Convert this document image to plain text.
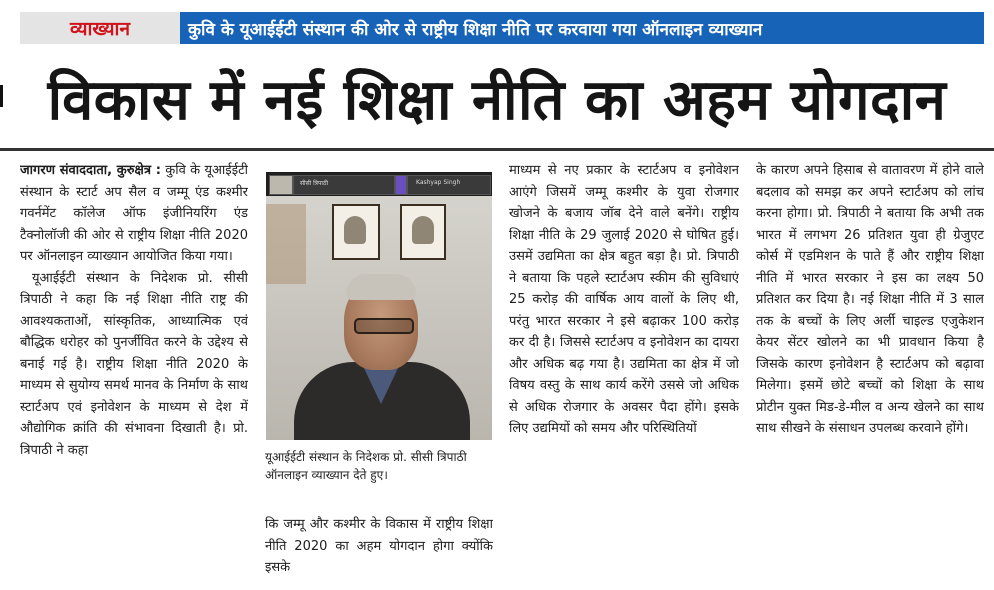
व्याख्यान	कुवि के यूआईईटी संस्थान की ओर से राष्ट्रीय शिक्षा नीति पर करवाया गया ऑनलाइन व्याख्यान
विकास में नई शिक्षा नीति का अहम योगदान

जागरण संवाददाता, कुरुक्षेत्र : कुवि के यूआईईटी संस्थान के स्टार्ट अप सैल व जम्मू एंड कश्मीर गवर्नमेंट कॉलेज ऑफ इंजीनियरिंग एंड टैक्नोलॉजी की ओर से राष्ट्रीय शिक्षा नीति 2020 पर ऑनलाइन व्याख्यान आयोजित किया गया।

यूआईईटी संस्थान के निदेशक प्रो. सीसी त्रिपाठी ने कहा कि नई शिक्षा नीति राष्ट्र की आवश्यकताओं, सांस्कृतिक, आध्यात्मिक एवं बौद्धिक धरोहर को पुनर्जीवित करने के उद्देश्य से बनाई गई है। राष्ट्रीय शिक्षा नीति 2020 के माध्यम से सुयोग्य समर्थ मानव के निर्माण के साथ स्टार्टअप एवं इनोवेशन के माध्यम से देश में औद्योगिक क्रांति की संभावना दिखाती है। प्रो. त्रिपाठी ने कहा

सीसी त्रिपाठी	Kashyap Singh
यूआईईटी संस्थान के निदेशक प्रो. सीसी त्रिपाठी ऑनलाइन व्याख्यान देते हुए।

कि जम्मू और कश्मीर के विकास में राष्ट्रीय शिक्षा नीति 2020 का अहम योगदान होगा क्योंकि इसके

माध्यम से नए प्रकार के स्टार्टअप व इनोवेशन आएंगे जिसमें जम्मू कश्मीर के युवा रोजगार खोजने के बजाय जॉब देने वाले बनेंगे। राष्ट्रीय शिक्षा नीति के 29 जुलाई 2020 से घोषित हुई। उसमें उद्यमिता का क्षेत्र बहुत बड़ा है। प्रो. त्रिपाठी ने बताया कि पहले स्टार्टअप स्कीम की सुविधाएं 25 करोड़ की वार्षिक आय वालों के लिए थी, परंतु भारत सरकार ने इसे बढ़ाकर 100 करोड़ कर दी है। जिससे स्टार्टअप व इनोवेशन का दायरा और अधिक बढ़ गया है। उद्यमिता का क्षेत्र में जो विषय वस्तु के साथ कार्य करेंगे उससे जो अधिक से अधिक रोजगार के अवसर पैदा होंगे। इसके लिए उद्यमियों को समय और परिस्थितियों

के कारण अपने हिसाब से वातावरण में होने वाले बदलाव को समझ कर अपने स्टार्टअप को लांच करना होगा। प्रो. त्रिपाठी ने बताया कि अभी तक भारत में लगभग 26 प्रतिशत युवा ही ग्रेजुएट कोर्स में एडमिशन के पाते हैं और राष्ट्रीय शिक्षा नीति में भारत सरकार ने इस का लक्ष्य 50 प्रतिशत कर दिया है। नई शिक्षा नीति में 3 साल तक के बच्चों के लिए अर्ली चाइल्ड एजुकेशन केयर सेंटर खोलने का भी प्रावधान किया है जिसके कारण इनोवेशन है स्टार्टअप को बढ़ावा मिलेगा। इसमें छोटे बच्चों को शिक्षा के साथ प्रोटीन युक्त मिड-डे-मील व अन्य खेलने का साथ साथ सीखने के संसाधन उपलब्ध करवाने होंगे।
